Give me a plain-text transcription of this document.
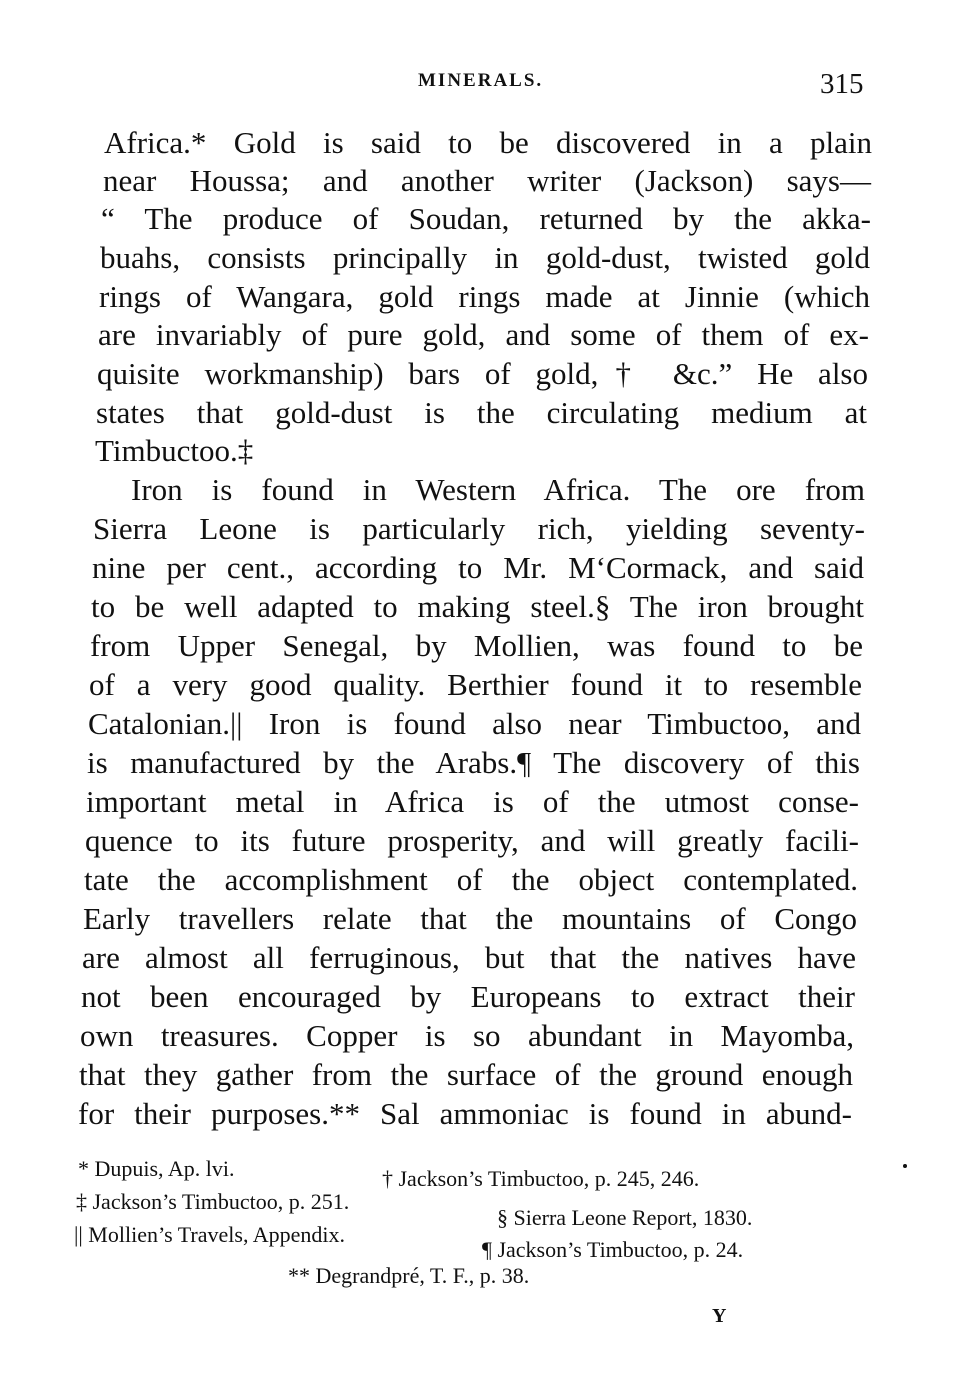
MINERALS.	315
Africa.* Gold is said to be discovered in a plain
near Houssa; and another writer (Jackson) says—
“ The produce of Soudan, returned by the akka-
buahs, consists principally in gold-dust, twisted gold
rings of Wangara, gold rings made at Jinnie (which
are invariably of pure gold, and some of them of ex-
quisite workmanship) bars of gold,† &c.” He also
states that gold-dust is the circulating medium at
Timbuctoo.‡
Iron is found in Western Africa. The ore from
Sierra Leone is particularly rich, yielding seventy-
nine per cent., according to Mr. M‘Cormack, and said
to be well adapted to making steel.§ The iron brought
from Upper Senegal, by Mollien, was found to be
of a very good quality. Berthier found it to resemble
Catalonian.|| Iron is found also near Timbuctoo, and
is manufactured by the Arabs.¶ The discovery of this
important metal in Africa is of the utmost conse-
quence to its future prosperity, and will greatly facili-
tate the accomplishment of the object contemplated.
Early travellers relate that the mountains of Congo
are almost all ferruginous, but that the natives have
not been encouraged by Europeans to extract their
own treasures. Copper is so abundant in Mayomba,
that they gather from the surface of the ground enough
for their purposes.** Sal ammoniac is found in abund-
* Dupuis, Ap. lvi.	† Jackson’s Timbuctoo, p. 245, 246.
‡ Jackson’s Timbuctoo, p. 251.
§ Sierra Leone Report, 1830.
|| Mollien’s Travels, Appendix.
¶ Jackson’s Timbuctoo, p. 24.
** Degrandpré, T. F., p. 38.
Y
